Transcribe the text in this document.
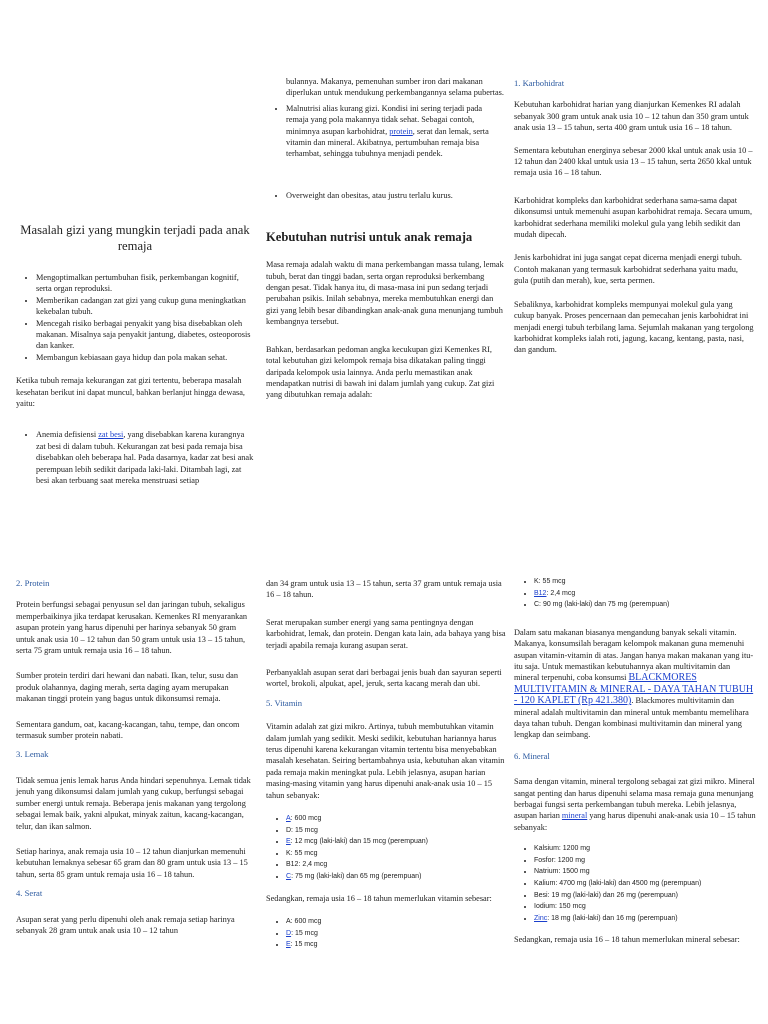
Masalah gizi yang mungkin terjadi pada anak remaja
• Mengoptimalkan pertumbuhan fisik, perkembangan kognitif, serta organ reproduksi.
• Memberikan cadangan zat gizi yang cukup guna meningkatkan kekebalan tubuh.
• Mencegah risiko berbagai penyakit yang bisa disebabkan oleh makanan. Misalnya saja penyakit jantung, diabetes, osteoporosis dan kanker.
• Membangun kebiasaan gaya hidup dan pola makan sehat.

Ketika tubuh remaja kekurangan zat gizi tertentu, beberapa masalah kesehatan berikut ini dapat muncul, bahkan berlanjut hingga dewasa, yaitu:

• Anemia defisiensi zat besi, yang disebabkan karena kurangnya zat besi di dalam tubuh. Kekurangan zat besi pada remaja bisa disebabkan oleh beberapa hal. Pada dasarnya, kadar zat besi anak perempuan lebih sedikit daripada laki-laki. Ditambah lagi, zat besi akan terbuang saat mereka menstruasi setiap
bulannya. Makanya, pemenuhan sumber iron dari makanan diperlukan untuk mendukung perkembangannya selama pubertas.
• Malnutrisi alias kurang gizi. Kondisi ini sering terjadi pada remaja yang pola makannya tidak sehat. Sebagai contoh, minimnya asupan karbohidrat, protein, serat dan lemak, serta vitamin dan mineral. Akibatnya, pertumbuhan remaja bisa terhambat, sehingga tubuhnya menjadi pendek.
• Overweight dan obesitas, atau justru terlalu kurus.
Kebutuhan nutrisi untuk anak remaja

Masa remaja adalah waktu di mana perkembangan massa tulang, lemak tubuh, berat dan tinggi badan, serta organ reproduksi berkembang dengan pesat. Tidak hanya itu, di masa-masa ini pun sedang terjadi perubahan psikis. Inilah sebabnya, mereka membutuhkan energi dan gizi yang lebih besar dibandingkan anak-anak guna menunjang tumbuh kembangnya tersebut.

Bahkan, berdasarkan pedoman angka kecukupan gizi Kemenkes RI, total kebutuhan gizi kelompok remaja bisa dikatakan paling tinggi daripada kelompok usia lainnya. Anda perlu memastikan anak mendapatkan nutrisi di bawah ini dalam jumlah yang cukup. Zat gizi yang dibutuhkan remaja adalah:

1. Karbohidrat

Kebutuhan karbohidrat harian yang dianjurkan Kemenkes RI adalah sebanyak 300 gram untuk anak usia 10 – 12 tahun dan 350 gram untuk anak usia 13 – 15 tahun, serta 400 gram untuk usia 16 – 18 tahun.

Sementara kebutuhan energinya sebesar 2000 kkal untuk anak usia 10 – 12 tahun dan 2400 kkal untuk usia 13 – 15 tahun, serta 2650 kkal untuk remaja usia 16 – 18 tahun.

Karbohidrat kompleks dan karbohidrat sederhana sama-sama dapat dikonsumsi untuk memenuhi asupan karbohidrat remaja. Secara umum, karbohidrat sederhana memiliki molekul gula yang lebih sedikit dan mudah dipecah.

Jenis karbohidrat ini juga sangat cepat dicerna menjadi energi tubuh. Contoh makanan yang termasuk karbohidrat sederhana yaitu madu, gula (putih dan merah), kue, serta permen.

Sebaliknya, karbohidrat kompleks mempunyai molekul gula yang cukup banyak. Proses pencernaan dan pemecahan jenis karbohidrat ini menjadi energi tubuh terbilang lama. Sejumlah makanan yang tergolong karbohidrat kompleks ialah roti, jagung, kacang, kentang, pasta, nasi, dan gandum.

2. Protein

Protein berfungsi sebagai penyusun sel dan jaringan tubuh, sekaligus memperbaikinya jika terdapat kerusakan. Kemenkes RI menyarankan asupan protein yang harus dipenuhi per harinya sebanyak 50 gram untuk anak usia 10 – 12 tahun dan 50 gram untuk usia 13 – 15 tahun, serta 75 gram untuk remaja usia 16 – 18 tahun.

Sumber protein terdiri dari hewani dan nabati. Ikan, telur, susu dan produk olahannya, daging merah, serta daging ayam merupakan makanan tinggi protein yang bagus untuk dikonsumsi remaja.

Sementara gandum, oat, kacang-kacangan, tahu, tempe, dan oncom termasuk sumber protein nabati.

3. Lemak

Tidak semua jenis lemak harus Anda hindari sepenuhnya. Lemak tidak jenuh yang dikonsumsi dalam jumlah yang cukup, berfungsi sebagai sumber energi untuk remaja. Beberapa jenis makanan yang tergolong sebagai lemak baik, yakni alpukat, minyak zaitun, kacang-kacangan, telur, dan ikan salmon.

Setiap harinya, anak remaja usia 10 – 12 tahun dianjurkan memenuhi kebutuhan lemaknya sebesar 65 gram dan 80 gram untuk usia 13 – 15 tahun, serta 85 gram untuk remaja usia 16 – 18 tahun.

4. Serat

Asupan serat yang perlu dipenuhi oleh anak remaja setiap harinya sebanyak 28 gram untuk anak usia 10 – 12 tahun

dan 34 gram untuk usia 13 – 15 tahun, serta 37 gram untuk remaja usia 16 – 18 tahun.

Serat merupakan sumber energi yang sama pentingnya dengan karbohidrat, lemak, dan protein. Dengan kata lain, ada bahaya yang bisa terjadi apabila remaja kurang asupan serat.

Perbanyaklah asupan serat dari berbagai jenis buah dan sayuran seperti wortel, brokoli, alpukat, apel, jeruk, serta kacang merah dan ubi.

5. Vitamin

Vitamin adalah zat gizi mikro. Artinya, tubuh membutuhkan vitamin dalam jumlah yang sedikit. Meski sedikit, kebutuhan hariannya harus terus dipenuhi karena kekurangan vitamin tertentu bisa menyebabkan masalah kesehatan. Seiring bertambahnya usia, kebutuhan akan vitamin pada remaja makin meningkat pula. Lebih jelasnya, asupan harian masing-masing vitamin yang harus dipenuhi anak-anak usia 10 – 15 tahun sebanyak:

• A: 600 mcg
• D: 15 mcg
• E: 12 mcg (laki-laki) dan 15 mcg (perempuan)
• K: 55 mcg
• B12: 2,4 mcg
• C: 75 mg (laki-laki) dan 65 mg (perempuan)

Sedangkan, remaja usia 16 – 18 tahun memerlukan vitamin sebesar:

• A: 600 mcg
• D: 15 mcg
• E: 15 mcg
• K: 55 mcg
• B12: 2,4 mcg
• C: 90 mg (laki-laki) dan 75 mg (perempuan)

Dalam satu makanan biasanya mengandung banyak sekali vitamin. Makanya, konsumsilah beragam kelompok makanan guna memenuhi asupan vitamin-vitamin di atas. Jangan hanya makan makanan yang itu-itu saja. Untuk memastikan kebutuhannya akan multivitamin dan mineral terpenuhi, coba konsumsi BLACKMORES MULTIVITAMIN & MINERAL - DAYA TAHAN TUBUH - 120 KAPLET (Rp 421.380). Blackmores multivitamin dan mineral adalah multivitamin dan mineral untuk membantu memelihara daya tahan tubuh. Dengan kombinasi multivitamin dan mineral yang lengkap dan seimbang.

6. Mineral

Sama dengan vitamin, mineral tergolong sebagai zat gizi mikro. Mineral sangat penting dan harus dipenuhi selama masa remaja guna menunjang berbagai fungsi serta perkembangan tubuh mereka. Lebih jelasnya, asupan harian mineral yang harus dipenuhi anak-anak usia 10 – 15 tahun sebanyak:

• Kalsium: 1200 mg
• Fosfor: 1200 mg
• Natrium: 1500 mg
• Kalium: 4700 mg (laki-laki) dan 4500 mg (perempuan)
• Besi: 19 mg (laki-laki) dan 26 mg (perempuan)
• Iodium: 150 mcg
• Zinc: 18 mg (laki-laki) dan 16 mg (perempuan)

Sedangkan, remaja usia 16 – 18 tahun memerlukan mineral sebesar:
